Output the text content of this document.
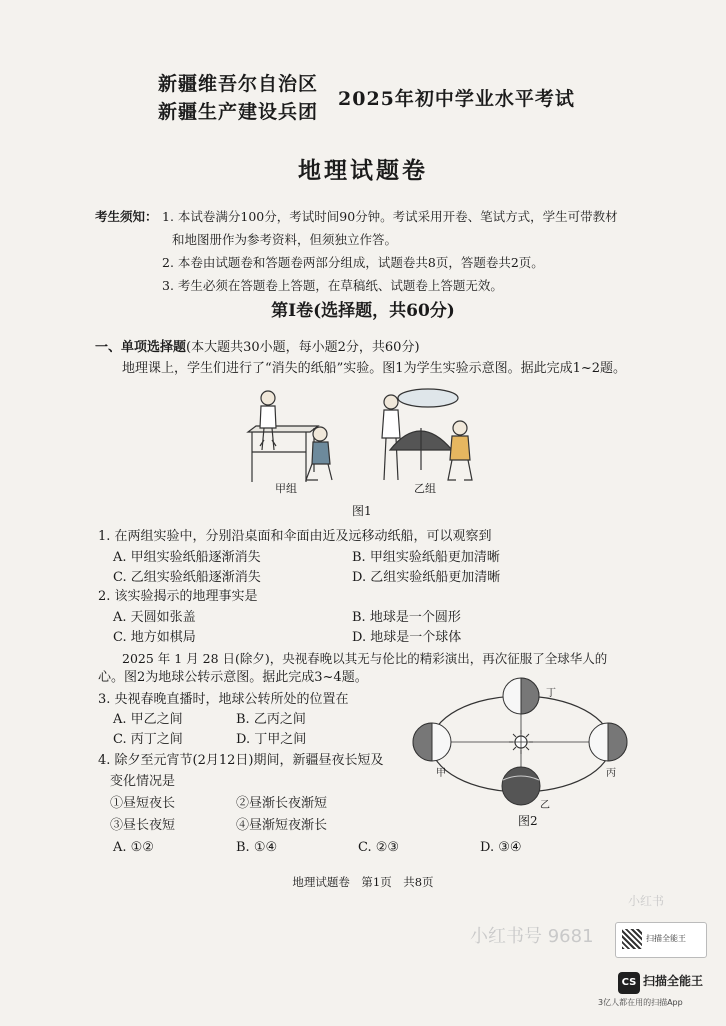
新疆维吾尔自治区
新疆生产建设兵团
2025年初中学业水平考试
地理试题卷
考生须知： 1. 本试卷满分100分，考试时间90分钟。考试采用开卷、笔试方式，学生可带教材
和地图册作为参考资料，但须独立作答。
2. 本卷由试题卷和答题卷两部分组成，试题卷共8页，答题卷共2页。
3. 考生必须在答题卷上答题，在草稿纸、试题卷上答题无效。
第Ⅰ卷(选择题，共60分)
一、单项选择题(本大题共30小题，每小题2分，共60分)
地理课上，学生们进行了“消失的纸船”实验。图1为学生实验示意图。据此完成1~2题。
甲组	乙组
图1
1. 在两组实验中，分别沿桌面和伞面由近及远移动纸船，可以观察到
A. 甲组实验纸船逐渐消失	B. 甲组实验纸船更加清晰
C. 乙组实验纸船逐渐消失	D. 乙组实验纸船更加清晰
2. 该实验揭示的地理事实是
A. 天圆如张盖	B. 地球是一个圆形
C. 地方如棋局	D. 地球是一个球体
2025 年 1 月 28 日(除夕)，央视春晚以其无与伦比的精彩演出，再次征服了全球华人的
心。图2为地球公转示意图。据此完成3~4题。
3. 央视春晚直播时，地球公转所处的位置在
A. 甲乙之间	B. 乙丙之间
C. 丙丁之间	D. 丁甲之间
4. 除夕至元宵节(2月12日)期间，新疆昼夜长短及
变化情况是
①昼短夜长	②昼渐长夜渐短
③昼长夜短	④昼渐短夜渐长
A. ①②	B. ①④	C. ②③	D. ③④
丁
甲	丙
乙
图2
地理试题卷　第1页　共8页
小红书
小红书号 9681	扫描全能王
CS 扫描全能王
3亿人都在用的扫描App
